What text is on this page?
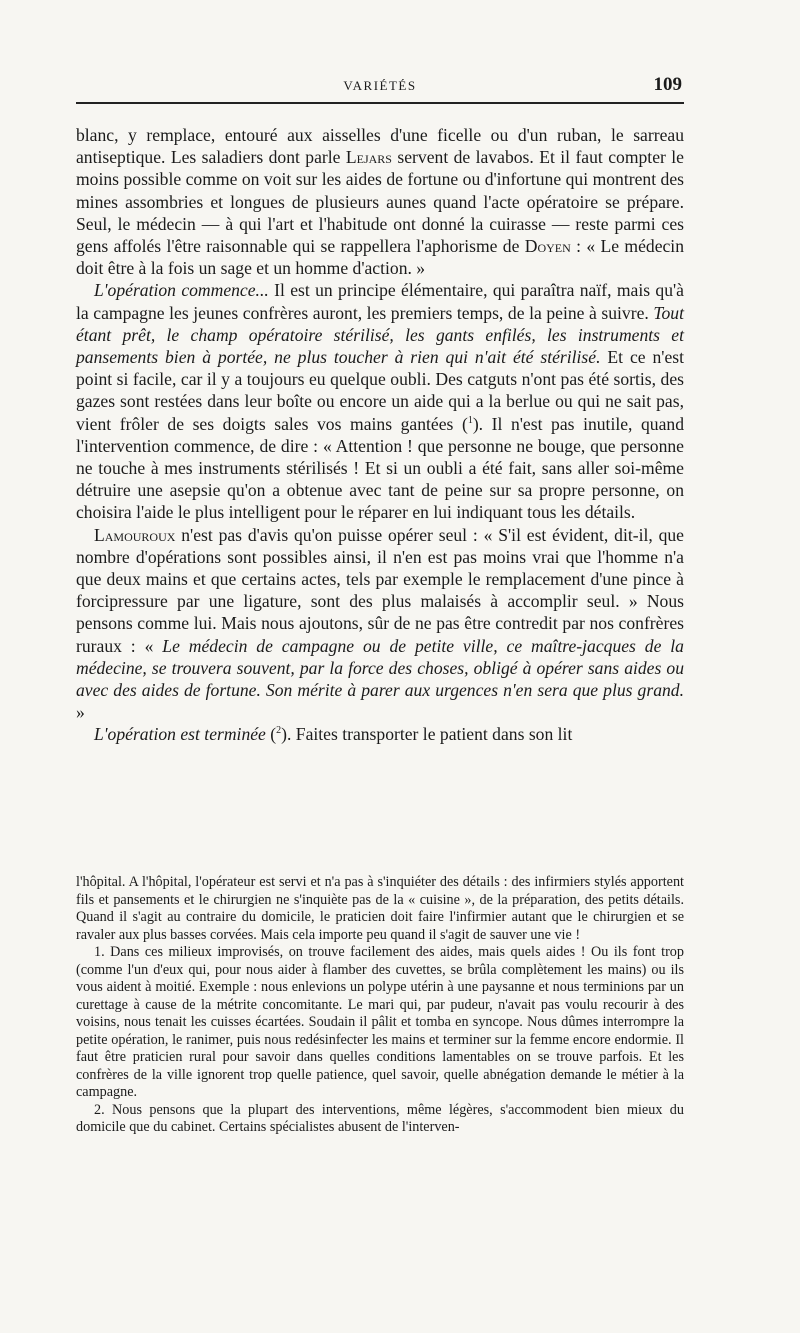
VARIÉTÉS	109

blanc, y remplace, entouré aux aisselles d'une ficelle ou d'un ruban, le sarreau antiseptique. Les saladiers dont parle Lejars servent de lavabos. Et il faut compter le moins possible comme on voit sur les aides de fortune ou d'infortune qui montrent des mines assombries et longues de plusieurs aunes quand l'acte opératoire se prépare. Seul, le médecin — à qui l'art et l'habitude ont donné la cuirasse — reste parmi ces gens affolés l'être raisonnable qui se rappellera l'aphorisme de Doyen : « Le médecin doit être à la fois un sage et un homme d'action. »

L'opération commence... Il est un principe élémentaire, qui paraîtra naïf, mais qu'à la campagne les jeunes confrères auront, les premiers temps, de la peine à suivre. Tout étant prêt, le champ opératoire stérilisé, les gants enfilés, les instruments et pansements bien à portée, ne plus toucher à rien qui n'ait été stérilisé. Et ce n'est point si facile, car il y a toujours eu quelque oubli. Des catguts n'ont pas été sortis, des gazes sont restées dans leur boîte ou encore un aide qui a la berlue ou qui ne sait pas, vient frôler de ses doigts sales vos mains gantées ($^1$). Il n'est pas inutile, quand l'intervention commence, de dire : « Attention ! que personne ne bouge, que personne ne touche à mes instruments stérilisés ! Et si un oubli a été fait, sans aller soi-même détruire une asepsie qu'on a obtenue avec tant de peine sur sa propre personne, on choisira l'aide le plus intelligent pour le réparer en lui indiquant tous les détails.

Lamouroux n'est pas d'avis qu'on puisse opérer seul : « S'il est évident, dit-il, que nombre d'opérations sont possibles ainsi, il n'en est pas moins vrai que l'homme n'a que deux mains et que certains actes, tels par exemple le remplacement d'une pince à forcipressure par une ligature, sont des plus malaisés à accomplir seul. » Nous pensons comme lui. Mais nous ajoutons, sûr de ne pas être contredit par nos confrères ruraux : « Le médecin de campagne ou de petite ville, ce maître-jacques de la médecine, se trouvera souvent, par la force des choses, obligé à opérer sans aides ou avec des aides de fortune. Son mérite à parer aux urgences n'en sera que plus grand. »

L'opération est terminée ($^2$). Faites transporter le patient dans son lit

l'hôpital. A l'hôpital, l'opérateur est servi et n'a pas à s'inquiéter des détails : des infirmiers stylés apportent fils et pansements et le chirurgien ne s'inquiète pas de la « cuisine », de la préparation, des petits détails. Quand il s'agit au contraire du domicile, le praticien doit faire l'infirmier autant que le chirurgien et se ravaler aux plus basses corvées. Mais cela importe peu quand il s'agit de sauver une vie !

1. Dans ces milieux improvisés, on trouve facilement des aides, mais quels aides ! Ou ils font trop (comme l'un d'eux qui, pour nous aider à flamber des cuvettes, se brûla complètement les mains) ou ils vous aident à moitié. Exemple : nous enlevions un polype utérin à une paysanne et nous terminions par un curettage à cause de la métrite concomitante. Le mari qui, par pudeur, n'avait pas voulu recourir à des voisins, nous tenait les cuisses écartées. Soudain il pâlit et tomba en syncope. Nous dûmes interrompre la petite opération, le ranimer, puis nous redésinfecter les mains et terminer sur la femme encore endormie. Il faut être praticien rural pour savoir dans quelles conditions lamentables on se trouve parfois. Et les confrères de la ville ignorent trop quelle patience, quel savoir, quelle abnégation demande le métier à la campagne.

2. Nous pensons que la plupart des interventions, même légères, s'accommodent bien mieux du domicile que du cabinet. Certains spécialistes abusent de l'interven-
